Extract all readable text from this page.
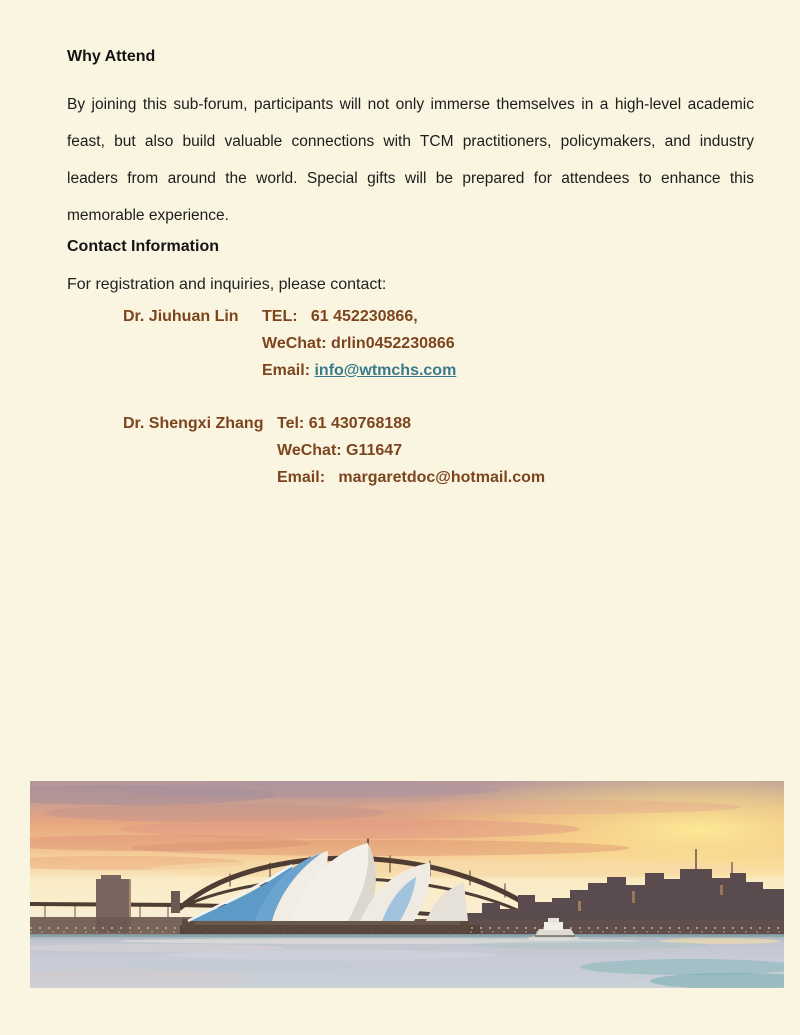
Why Attend
By joining this sub-forum, participants will not only immerse themselves in a high-level academic feast, but also build valuable connections with TCM practitioners, policymakers, and industry leaders from around the world. Special gifts will be prepared for attendees to enhance this memorable experience.
Contact Information
For registration and inquiries, please contact:
Dr. Jiuhuan Lin	TEL:   61 452230866,
WeChat: drlin0452230866
Email: info@wtmchs.com
Dr. Shengxi Zhang Tel: 61 430768188
WeChat: G11647
Email:   margaretdoc@hotmail.com
